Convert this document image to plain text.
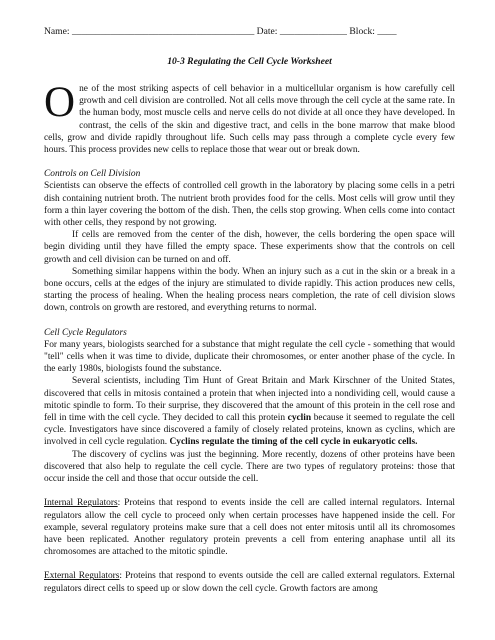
Name: ______________________________________ Date: ______________ Block: ____
10-3 Regulating the Cell Cycle Worksheet

One of the most striking aspects of cell behavior in a multicellular organism is how carefully cell growth and cell division are controlled. Not all cells move through the cell cycle at the same rate. In the human body, most muscle cells and nerve cells do not divide at all once they have developed. In contrast, the cells of the skin and digestive tract, and cells in the bone marrow that make blood cells, grow and divide rapidly throughout life. Such cells may pass through a complete cycle every few hours. This process provides new cells to replace those that wear out or break down.

Controls on Cell Division

Scientists can observe the effects of controlled cell growth in the laboratory by placing some cells in a petri dish containing nutrient broth. The nutrient broth provides food for the cells. Most cells will grow until they form a thin layer covering the bottom of the dish. Then, the cells stop growing. When cells come into contact with other cells, they respond by not growing.

If cells are removed from the center of the dish, however, the cells bordering the open space will begin dividing until they have filled the empty space. These experiments show that the controls on cell growth and cell division can be turned on and off.

Something similar happens within the body. When an injury such as a cut in the skin or a break in a bone occurs, cells at the edges of the injury are stimulated to divide rapidly. This action produces new cells, starting the process of healing. When the healing process nears completion, the rate of cell division slows down, controls on growth are restored, and everything returns to normal.

Cell Cycle Regulators

For many years, biologists searched for a substance that might regulate the cell cycle - something that would "tell" cells when it was time to divide, duplicate their chromosomes, or enter another phase of the cycle. In the early 1980s, biologists found the substance.

Several scientists, including Tim Hunt of Great Britain and Mark Kirschner of the United States, discovered that cells in mitosis contained a protein that when injected into a nondividing cell, would cause a mitotic spindle to form. To their surprise, they discovered that the amount of this protein in the cell rose and fell in time with the cell cycle. They decided to call this protein cyclin because it seemed to regulate the cell cycle. Investigators have since discovered a family of closely related proteins, known as cyclins, which are involved in cell cycle regulation. Cyclins regulate the timing of the cell cycle in eukaryotic cells.

The discovery of cyclins was just the beginning. More recently, dozens of other proteins have been discovered that also help to regulate the cell cycle. There are two types of regulatory proteins: those that occur inside the cell and those that occur outside the cell.

Internal Regulators: Proteins that respond to events inside the cell are called internal regulators. Internal regulators allow the cell cycle to proceed only when certain processes have happened inside the cell. For example, several regulatory proteins make sure that a cell does not enter mitosis until all its chromosomes have been replicated. Another regulatory protein prevents a cell from entering anaphase until all its chromosomes are attached to the mitotic spindle.

External Regulators: Proteins that respond to events outside the cell are called external regulators. External regulators direct cells to speed up or slow down the cell cycle. Growth factors are among
